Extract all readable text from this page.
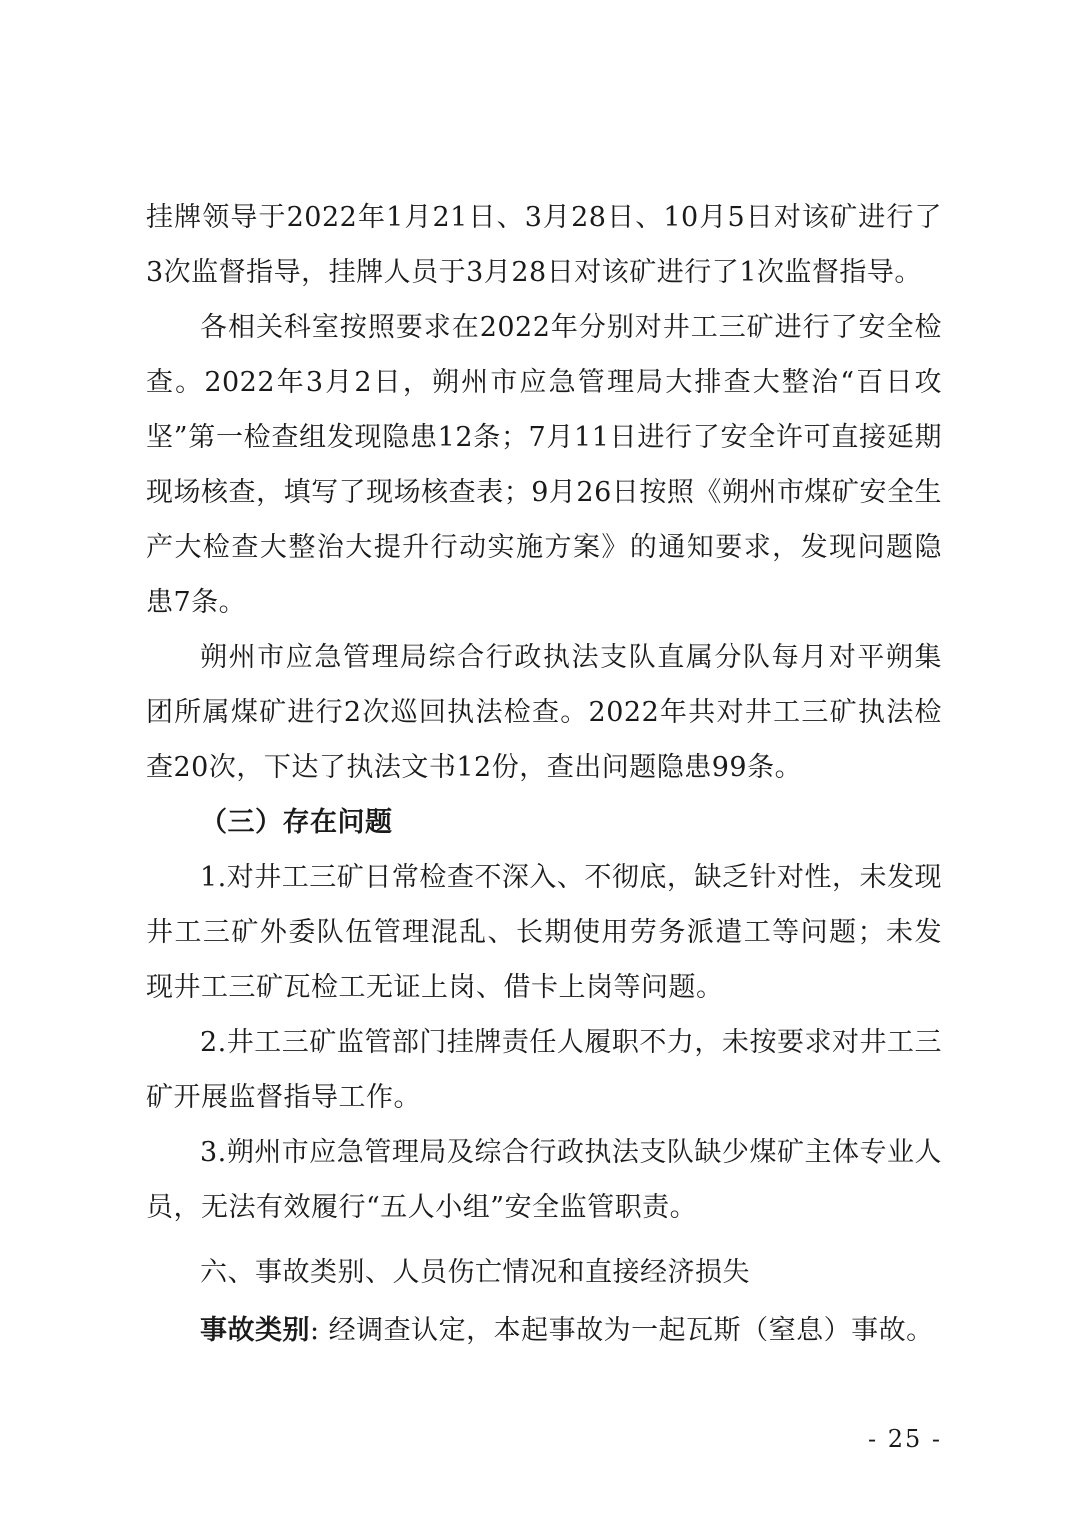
挂牌领导于2022年1月21日、3月28日、10月5日对该矿进行了3次监督指导，挂牌人员于3月28日对该矿进行了1次监督指导。

各相关科室按照要求在2022年分别对井工三矿进行了安全检查。2022年3月2日，朔州市应急管理局大排查大整治“百日攻坚”第一检查组发现隐患12条；7月11日进行了安全许可直接延期现场核查，填写了现场核查表；9月26日按照《朔州市煤矿安全生产大检查大整治大提升行动实施方案》的通知要求，发现问题隐患7条。

朔州市应急管理局综合行政执法支队直属分队每月对平朔集团所属煤矿进行2次巡回执法检查。2022年共对井工三矿执法检查20次，下达了执法文书12份，查出问题隐患99条。

（三）存在问题

1.对井工三矿日常检查不深入、不彻底，缺乏针对性，未发现井工三矿外委队伍管理混乱、长期使用劳务派遣工等问题；未发现井工三矿瓦检工无证上岗、借卡上岗等问题。

2.井工三矿监管部门挂牌责任人履职不力，未按要求对井工三矿开展监督指导工作。

3.朔州市应急管理局及综合行政执法支队缺少煤矿主体专业人员，无法有效履行“五人小组”安全监管职责。

六、事故类别、人员伤亡情况和直接经济损失

事故类别: 经调查认定，本起事故为一起瓦斯（窒息）事故。

- 25 -
